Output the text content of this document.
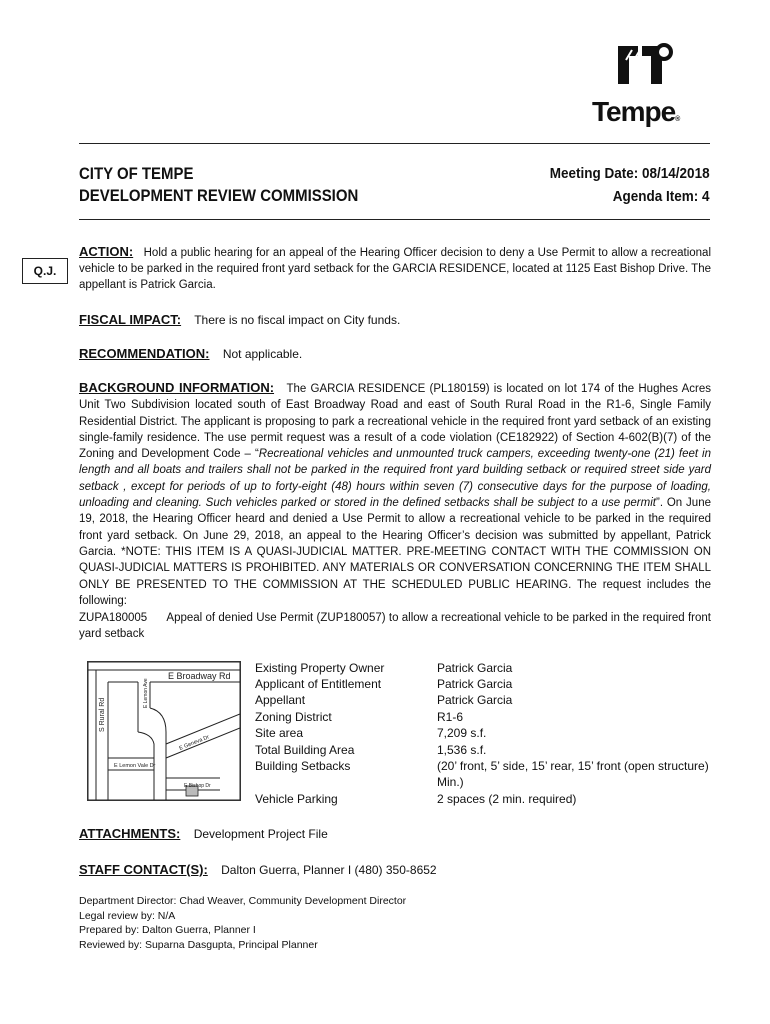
Tempe®
CITY OF TEMPE
DEVELOPMENT REVIEW COMMISSION
Meeting Date: 08/14/2018
Agenda Item: 4
Q.J.
ACTION: Hold a public hearing for an appeal of the Hearing Officer decision to deny a Use Permit to allow a recreational vehicle to be parked in the required front yard setback for the GARCIA RESIDENCE, located at 1125 East Bishop Drive. The appellant is Patrick Garcia.
FISCAL IMPACT: There is no fiscal impact on City funds.
RECOMMENDATION: Not applicable.
BACKGROUND INFORMATION: The GARCIA RESIDENCE (PL180159) is located on lot 174 of the Hughes Acres Unit Two Subdivision located south of East Broadway Road and east of South Rural Road in the R1-6, Single Family Residential District. The applicant is proposing to park a recreational vehicle in the required front yard setback of an existing single-family residence. The use permit request was a result of a code violation (CE182922) of Section 4-602(B)(7) of the Zoning and Development Code – “Recreational vehicles and unmounted truck campers, exceeding twenty-one (21) feet in length and all boats and trailers shall not be parked in the required front yard building setback or required street side yard setback , except for periods of up to forty-eight (48) hours within seven (7) consecutive days for the purpose of loading, unloading and cleaning. Such vehicles parked or stored in the defined setbacks shall be subject to a use permit”. On June 19, 2018, the Hearing Officer heard and denied a Use Permit to allow a recreational vehicle to be parked in the required front yard setback. On June 29, 2018, an appeal to the Hearing Officer’s decision was submitted by appellant, Patrick Garcia. *NOTE: THIS ITEM IS A QUASI-JUDICIAL MATTER. PRE-MEETING CONTACT WITH THE COMMISSION ON QUASI-JUDICIAL MATTERS IS PROHIBITED. ANY MATERIALS OR CONVERSATION CONCERNING THE ITEM SHALL ONLY BE PRESENTED TO THE COMMISSION AT THE SCHEDULED PUBLIC HEARING. The request includes the following:
ZUPA180005 Appeal of denied Use Permit (ZUP180057) to allow a recreational vehicle to be parked in the required front yard setback
E Broadway Rd
S Rural Rd
E Lemon Ave
E Geneva Dr
E Lemon Vale Dr
E Bishop Dr
Existing Property Owner	Patrick Garcia
Applicant of Entitlement	Patrick Garcia
Appellant	Patrick Garcia
Zoning District	R1-6
Site area	7,209 s.f.
Total Building Area	1,536 s.f.
Building Setbacks	(20’ front, 5’ side, 15’ rear, 15’ front (open structure) Min.)
Vehicle Parking	2 spaces (2 min. required)
ATTACHMENTS: Development Project File
STAFF CONTACT(S): Dalton Guerra, Planner I (480) 350-8652
Department Director: Chad Weaver, Community Development Director
Legal review by: N/A
Prepared by: Dalton Guerra, Planner I
Reviewed by: Suparna Dasgupta, Principal Planner
